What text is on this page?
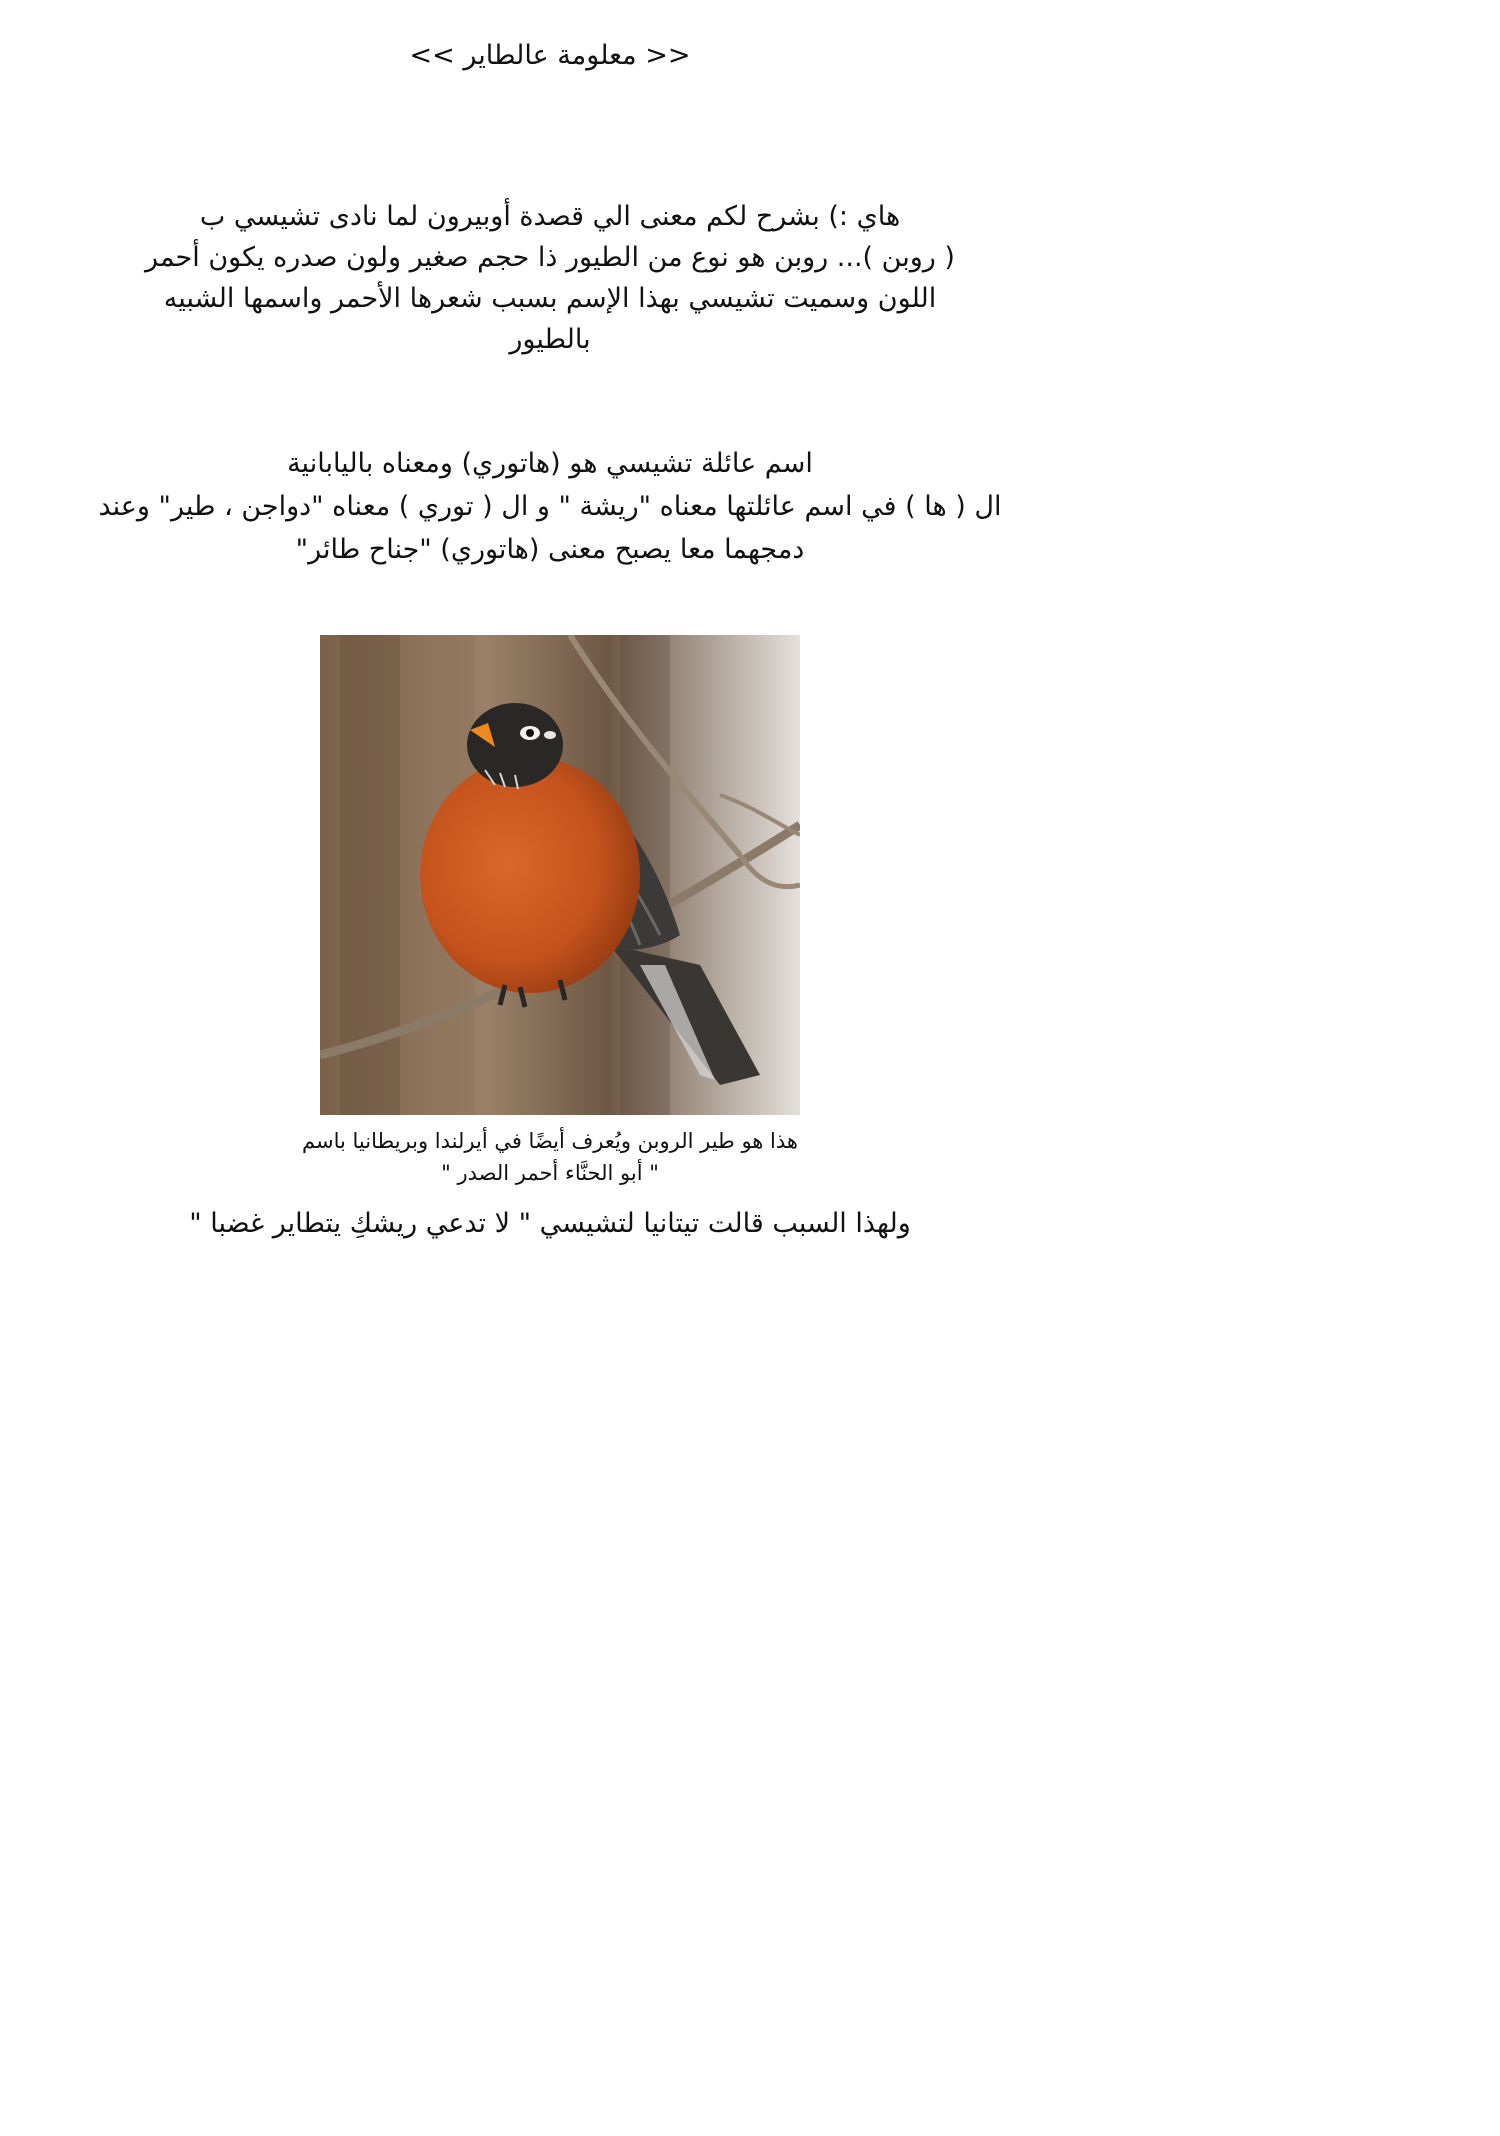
<< معلومة عالطاير >>
هاي :) بشرح لكم معنى الي قصدة أوبيرون لما نادى تشيسي ب
( روبن )... روبن هو نوع من الطيور ذا حجم صغير ولون صدره يكون أحمر
اللون وسميت تشيسي بهذا الإسم بسبب شعرها الأحمر واسمها الشبيه
بالطيور
اسم عائلة تشيسي هو (هاتوري) ومعناه باليابانية
ال ( ها ) في اسم عائلتها معناه "ريشة " و ال ( توري ) معناه "دواجن ، طير" وعند
دمجهما معا يصبح معنى (هاتوري) "جناح طائر"
هذا هو طير الروبن ويُعرف أيضًا في أيرلندا وبريطانيا باسم
" أبو الحنَّاء أحمر الصدر "
ولهذا السبب قالت تيتانيا لتشيسي " لا تدعي ريشكِ يتطاير غضبا "
